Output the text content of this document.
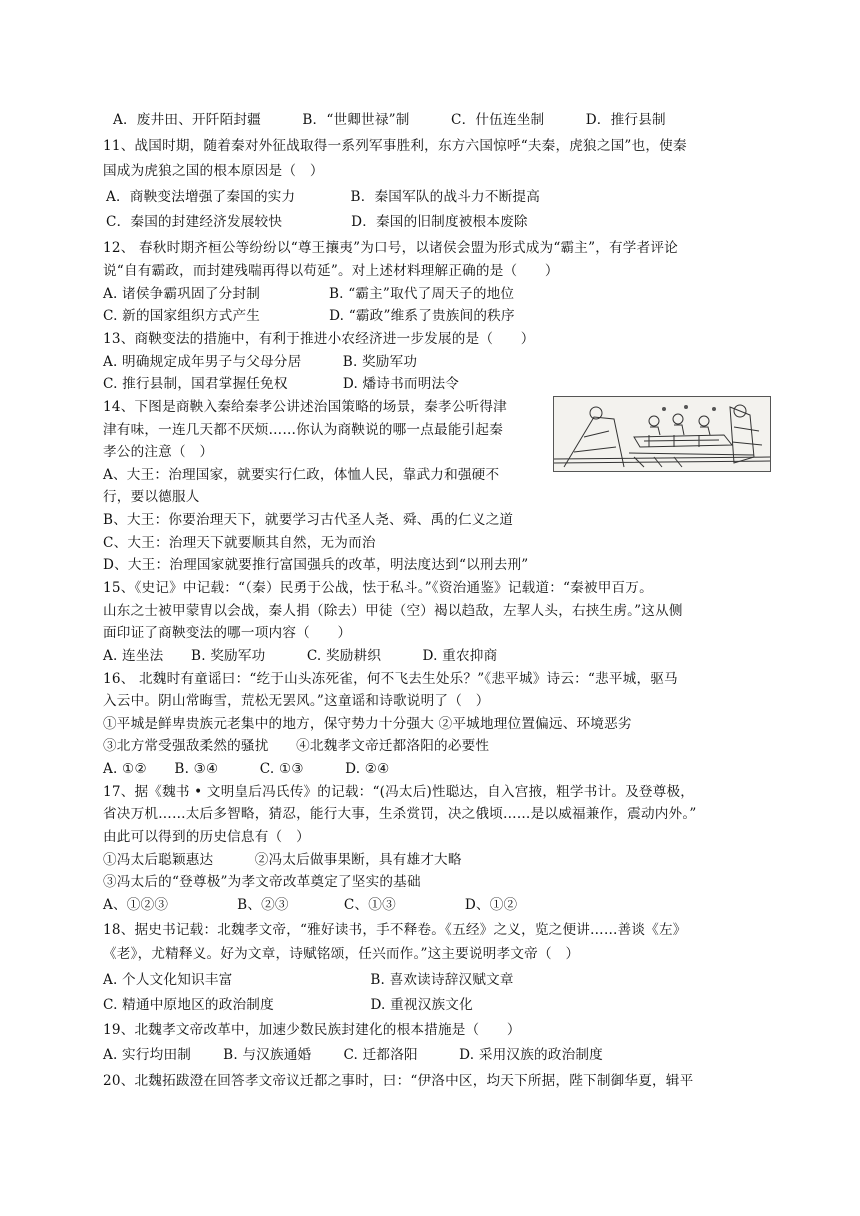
A．废井田、开阡陌封疆　　　B．“世卿世禄”制　　　C．什伍连坐制　　　D．推行县制
11、战国时期，随着秦对外征战取得一系列军事胜利，东方六国惊呼“夫秦，虎狼之国”也，使秦
国成为虎狼之国的根本原因是（　）
A．商鞅变法增强了秦国的实力　　　　B．秦国军队的战斗力不断提高
C．秦国的封建经济发展较快　　　　　D．秦国的旧制度被根本废除
12、 春秋时期齐桓公等纷纷以“尊王攘夷”为口号，以诸侯会盟为形式成为“霸主”，有学者评论
说“自有霸政，而封建残喘再得以苟延”。对上述材料理解正确的是（　　）
A. 诸侯争霸巩固了分封制　　　　　B. “霸主”取代了周天子的地位
C. 新的国家组织方式产生　　　　　D. “霸政”维系了贵族间的秩序
13、商鞅变法的措施中，有利于推进小农经济进一步发展的是（　　）
A. 明确规定成年男子与父母分居　　　B. 奖励军功
C. 推行县制，国君掌握任免权　　　　D. 燔诗书而明法令
14、下图是商鞅入秦给秦孝公讲述治国策略的场景，秦孝公听得津
津有味，一连几天都不厌烦……你认为商鞅说的哪一点最能引起秦
孝公的注意（　）
A、大王：治理国家，就要实行仁政，体恤人民，靠武力和强硬不
行，要以德服人
B、大王：你要治理天下，就要学习古代圣人尧、舜、禹的仁义之道
C、大王：治理天下就要顺其自然，无为而治
D、大王：治理国家就要推行富国强兵的改革，明法度达到“以刑去刑”
15、《史记》中记载：“（秦）民勇于公战，怯于私斗。”《资治通鉴》记载道：“秦被甲百万。
山东之士被甲蒙胄以会战，秦人捐（除去）甲徒（空）褐以趋敌，左挈人头，右挟生虏。”这从侧
面印证了商鞅变法的哪一项内容（　　）
A. 连坐法　　B. 奖励军功　　　C. 奖励耕织　　　D. 重农抑商
16、 北魏时有童谣曰：“纥于山头冻死雀，何不飞去生处乐？”《悲平城》诗云：“悲平城，驱马
入云中。阴山常晦雪，荒松无罢风。”这童谣和诗歌说明了（　）
①平城是鲜卑贵族元老集中的地方，保守势力十分强大 ②平城地理位置偏远、环境恶劣
③北方常受强敌柔然的骚扰　　④北魏孝文帝迁都洛阳的必要性
A. ①②　　B. ③④　　　C. ①③　　　D. ②④
17、据《魏书 • 文明皇后冯氏传》的记载：“(冯太后)性聪达，自入宫掖，粗学书计。及登尊极，
省决万机……太后多智略，猜忍，能行大事，生杀赏罚，决之俄顷……是以威福兼作，震动内外。”
由此可以得到的历史信息有（　）
①冯太后聪颖惠达　　　②冯太后做事果断，具有雄才大略
③冯太后的“登尊极”为孝文帝改革奠定了坚实的基础
A、①②③　　　　　B、②③　　　　C、①③　　　　　D、①②
18、据史书记载：北魏孝文帝，“雅好读书，手不释卷。《五经》之义，览之便讲……善谈《左》
《老》，尤精释义。好为文章，诗赋铭颂，任兴而作。”这主要说明孝文帝（　）
A. 个人文化知识丰富　　　　　　　　　　B. 喜欢读诗辞汉赋文章
C. 精通中原地区的政治制度　　　　　　　D. 重视汉族文化
19、北魏孝文帝改革中，加速少数民族封建化的根本措施是（　　）
A. 实行均田制　　 B. 与汉族通婚　　 C. 迁都洛阳　　　D. 采用汉族的政治制度
20、北魏拓跋澄在回答孝文帝议迁都之事时，曰：“伊洛中区，均天下所据，陛下制御华夏，辑平
